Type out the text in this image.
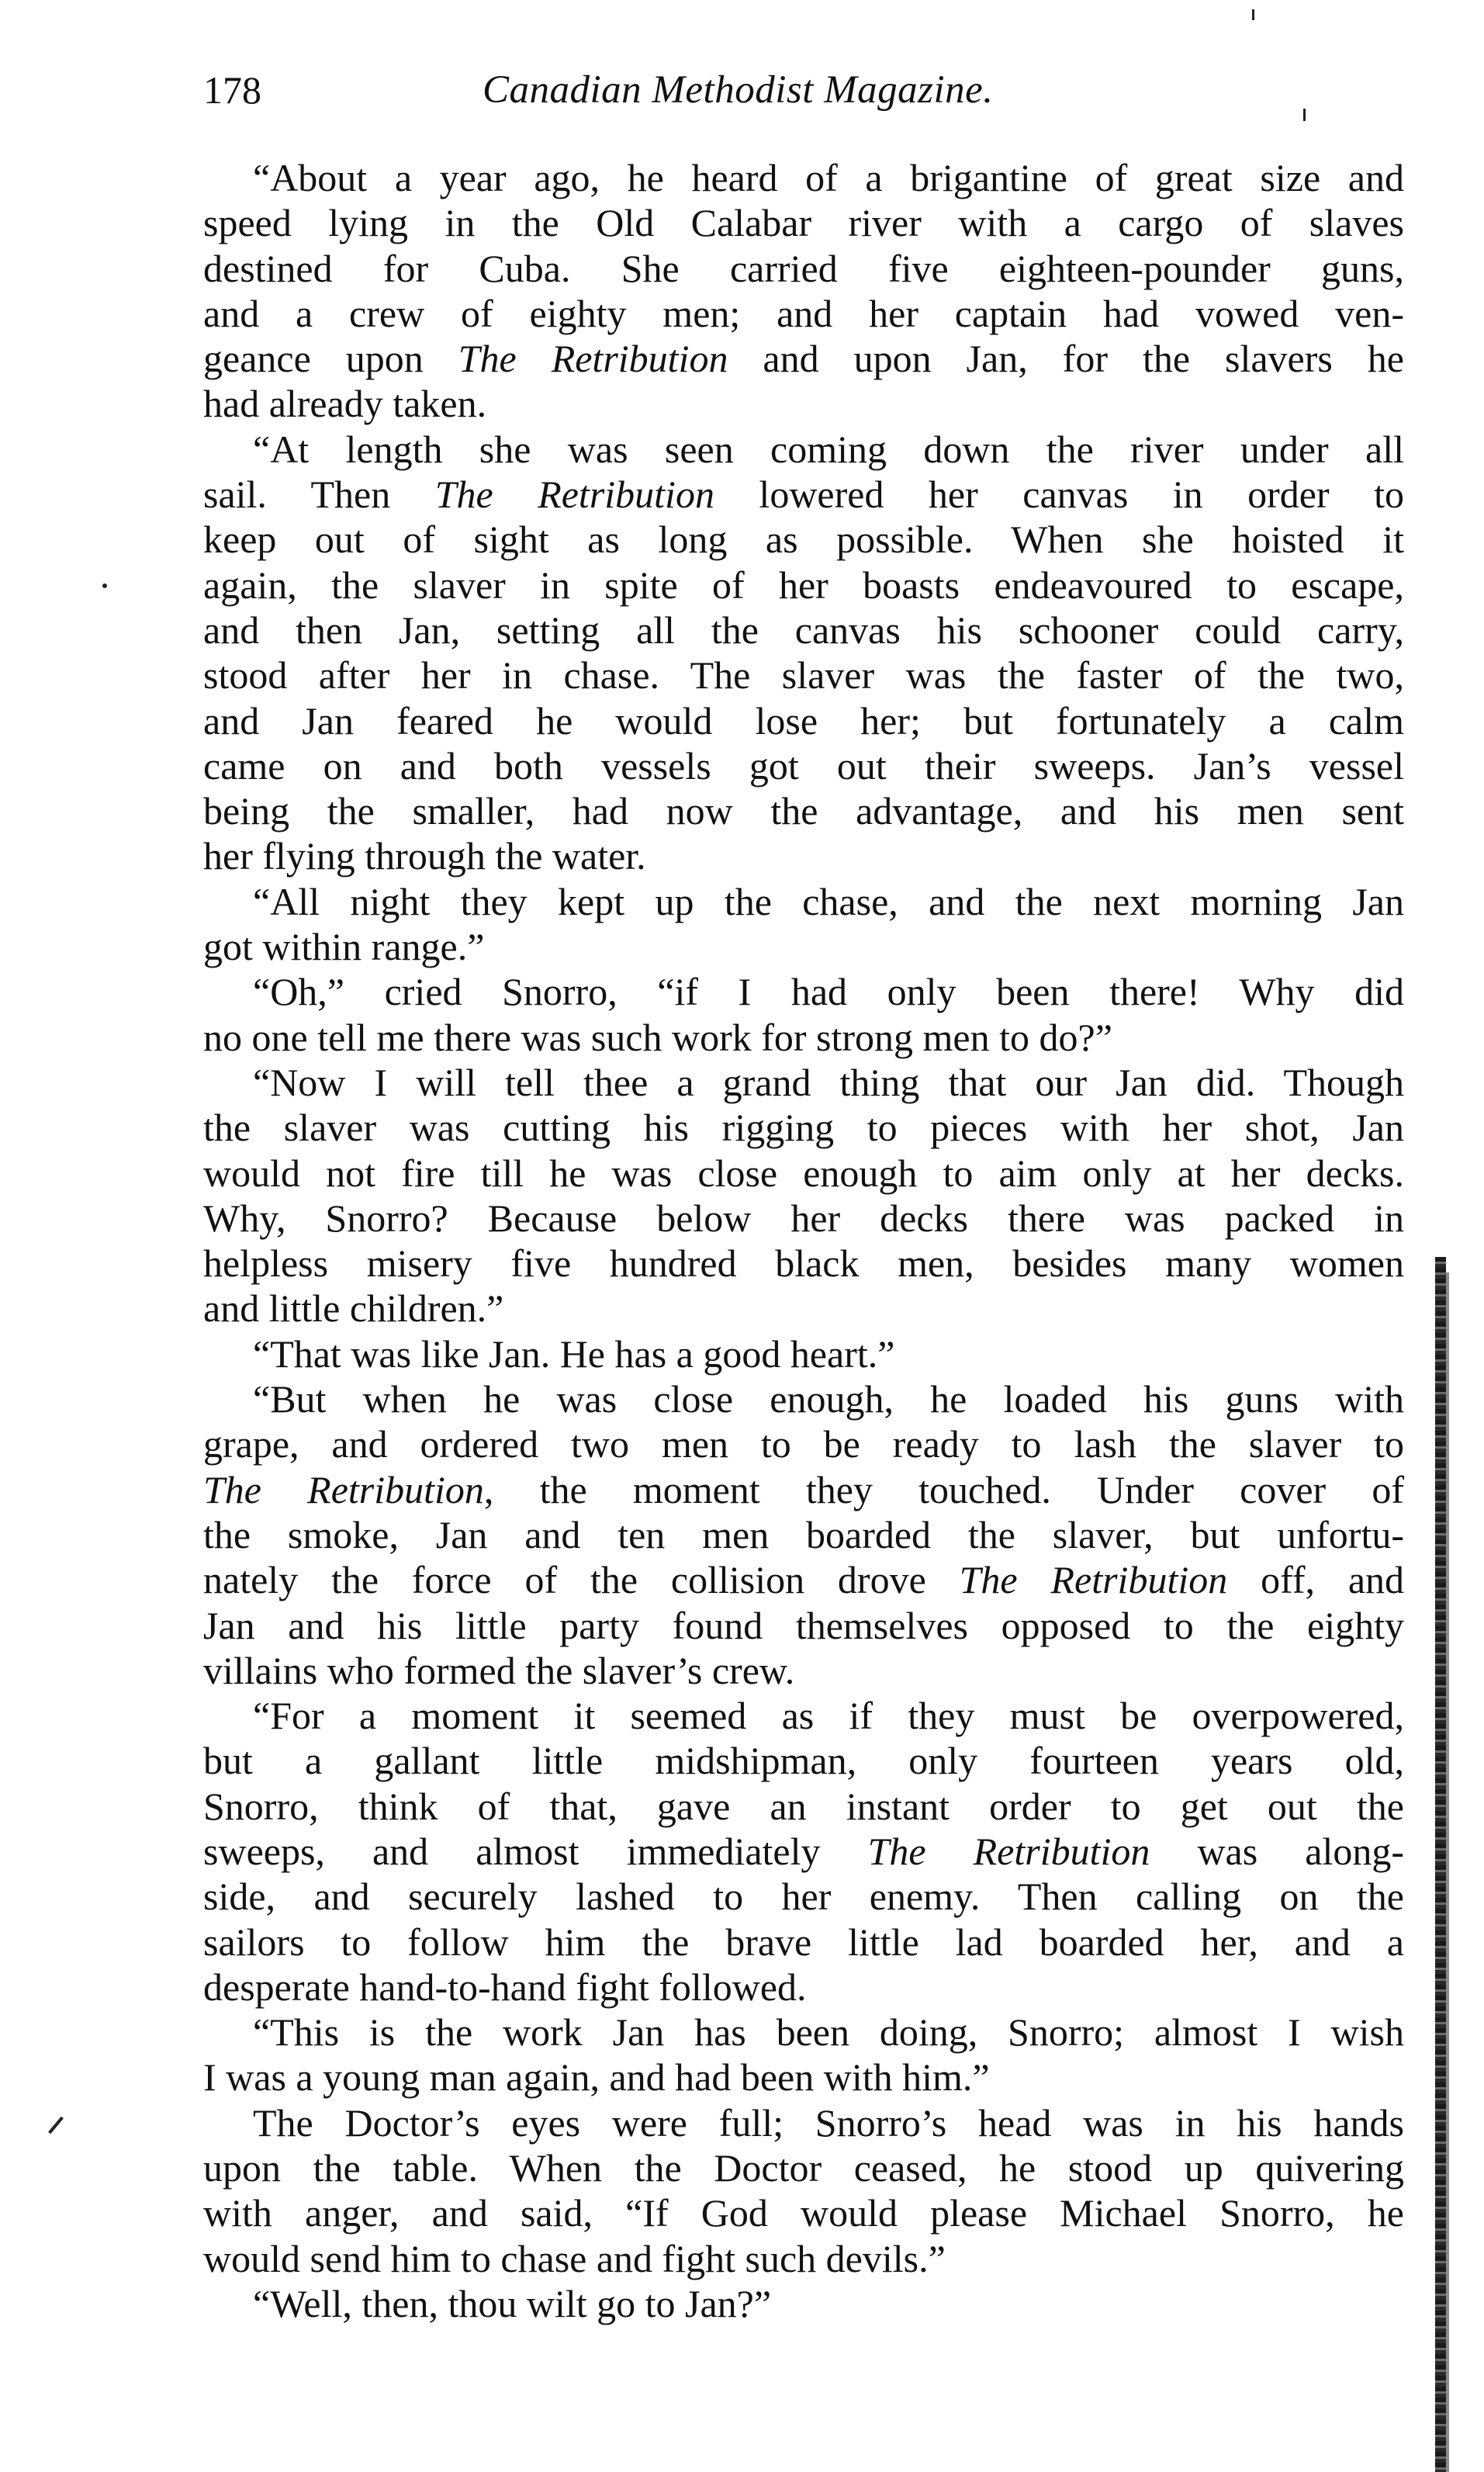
178	Canadian Methodist Magazine.
“About a year ago, he heard of a brigantine of great size and
speed lying in the Old Calabar river with a cargo of slaves
destined for Cuba. She carried five eighteen-pounder guns,
and a crew of eighty men; and her captain had vowed ven-
geance upon The Retribution and upon Jan, for the slavers he
had already taken.
“At length she was seen coming down the river under all
sail. Then The Retribution lowered her canvas in order to
keep out of sight as long as possible. When she hoisted it
again, the slaver in spite of her boasts endeavoured to escape,
and then Jan, setting all the canvas his schooner could carry,
stood after her in chase. The slaver was the faster of the two,
and Jan feared he would lose her; but fortunately a calm
came on and both vessels got out their sweeps. Jan’s vessel
being the smaller, had now the advantage, and his men sent
her flying through the water.
“All night they kept up the chase, and the next morning Jan
got within range.”
“Oh,” cried Snorro, “if I had only been there! Why did
no one tell me there was such work for strong men to do?”
“Now I will tell thee a grand thing that our Jan did. Though
the slaver was cutting his rigging to pieces with her shot, Jan
would not fire till he was close enough to aim only at her decks.
Why, Snorro? Because below her decks there was packed in
helpless misery five hundred black men, besides many women
and little children.”
“That was like Jan. He has a good heart.”
“But when he was close enough, he loaded his guns with
grape, and ordered two men to be ready to lash the slaver to
The Retribution, the moment they touched. Under cover of
the smoke, Jan and ten men boarded the slaver, but unfortu-
nately the force of the collision drove The Retribution off, and
Jan and his little party found themselves opposed to the eighty
villains who formed the slaver’s crew.
“For a moment it seemed as if they must be overpowered,
but a gallant little midshipman, only fourteen years old,
Snorro, think of that, gave an instant order to get out the
sweeps, and almost immediately The Retribution was along-
side, and securely lashed to her enemy. Then calling on the
sailors to follow him the brave little lad boarded her, and a
desperate hand-to-hand fight followed.
“This is the work Jan has been doing, Snorro; almost I wish
I was a young man again, and had been with him.”
The Doctor’s eyes were full; Snorro’s head was in his hands
upon the table. When the Doctor ceased, he stood up quivering
with anger, and said, “If God would please Michael Snorro, he
would send him to chase and fight such devils.”
“Well, then, thou wilt go to Jan?”
